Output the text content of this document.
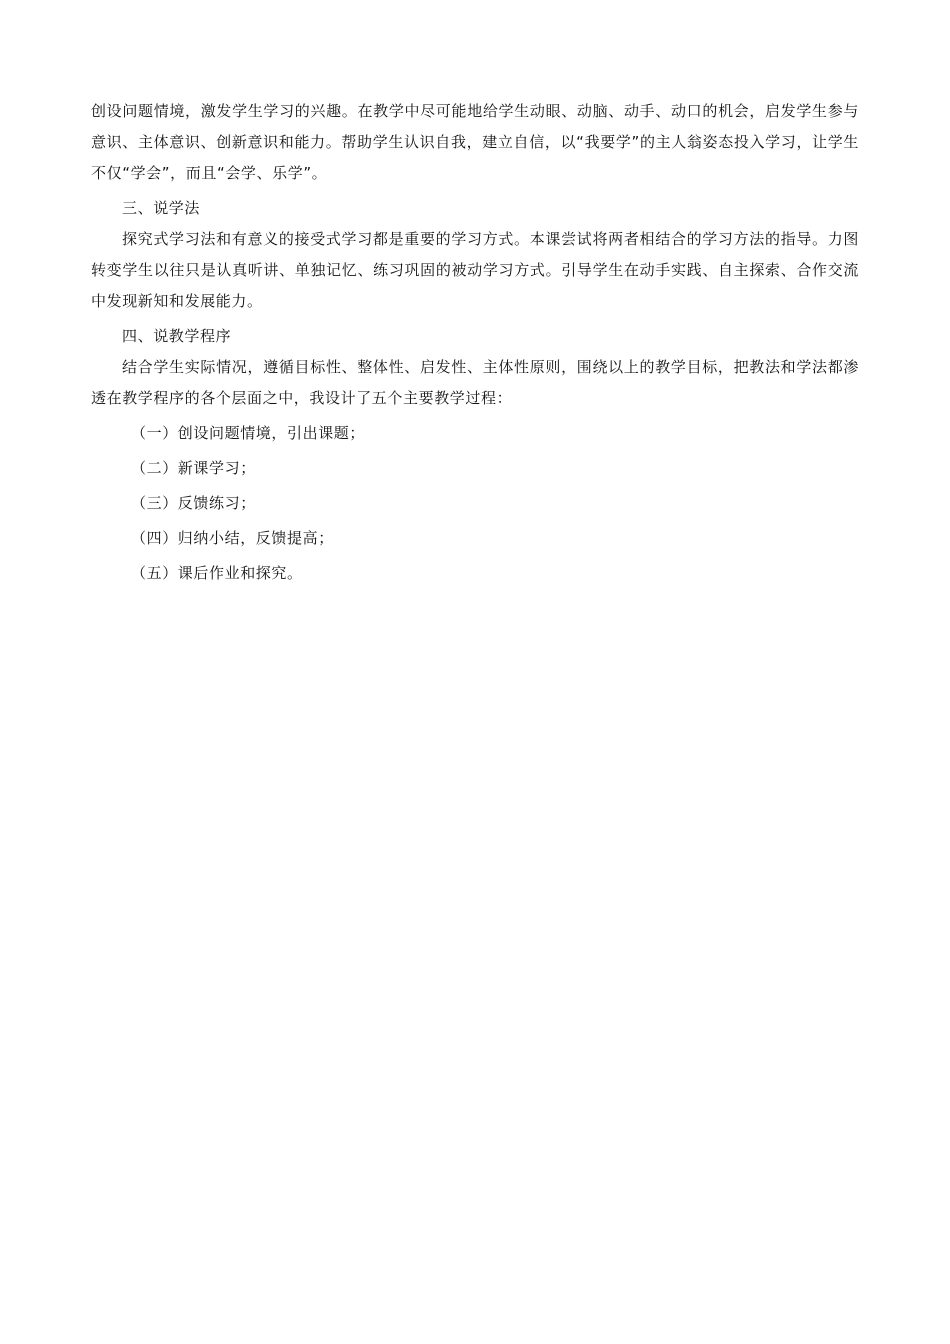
创设问题情境，激发学生学习的兴趣。在教学中尽可能地给学生动眼、动脑、动手、动口的机会，启发学生参与意识、主体意识、创新意识和能力。帮助学生认识自我，建立自信，以“我要学”的主人翁姿态投入学习，让学生不仅“学会”，而且“会学、乐学”。

三、说学法

探究式学习法和有意义的接受式学习都是重要的学习方式。本课尝试将两者相结合的学习方法的指导。力图转变学生以往只是认真听讲、单独记忆、练习巩固的被动学习方式。引导学生在动手实践、自主探索、合作交流中发现新知和发展能力。

四、说教学程序

结合学生实际情况，遵循目标性、整体性、启发性、主体性原则，围绕以上的教学目标，把教法和学法都渗透在教学程序的各个层面之中，我设计了五个主要教学过程：

（一）创设问题情境，引出课题；
（二）新课学习；
（三）反馈练习；
（四）归纳小结，反馈提高；
（五）课后作业和探究。
